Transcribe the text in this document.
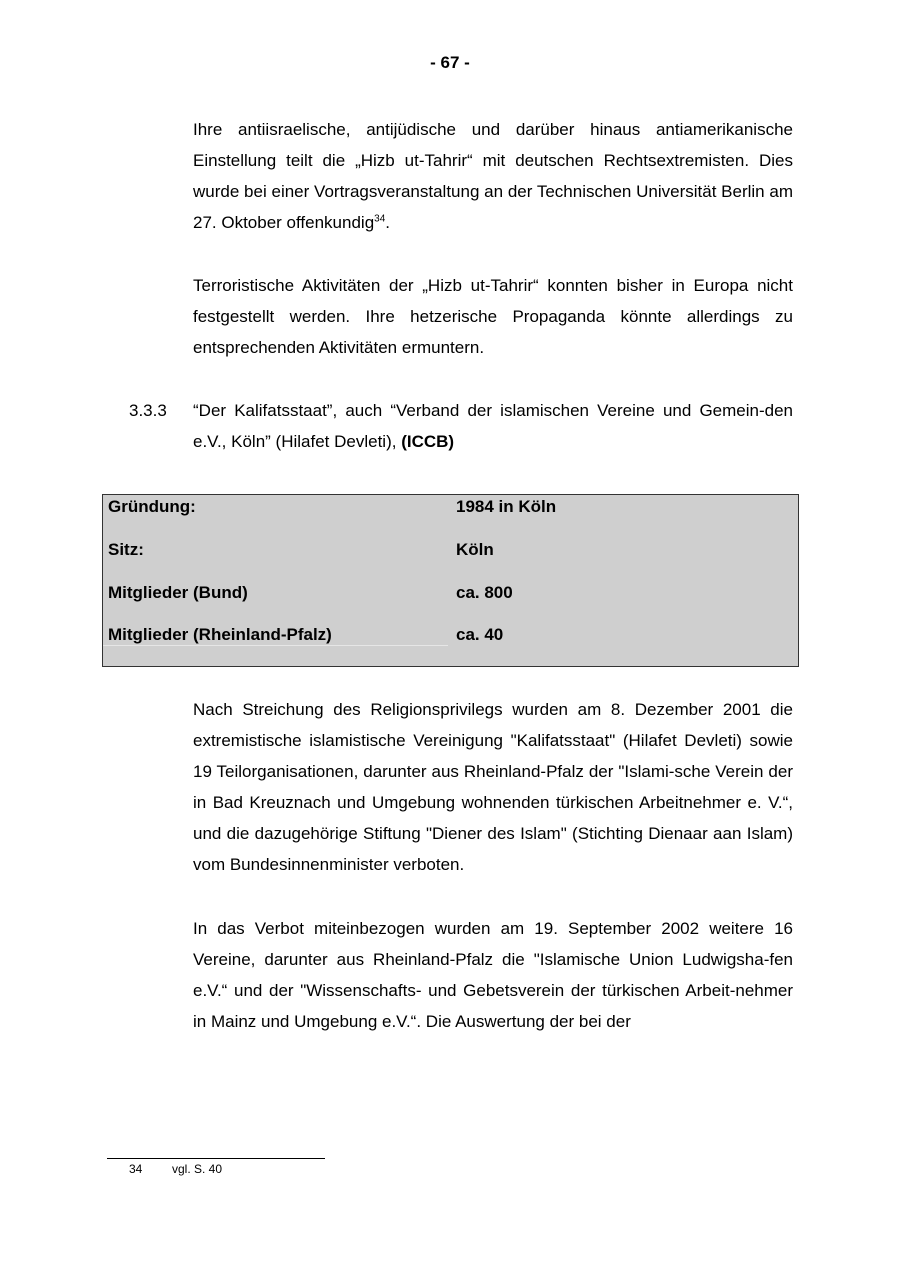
- 67 -

Ihre antiisraelische, antijüdische und darüber hinaus antiamerikanische Einstellung teilt die „Hizb ut-Tahrir“ mit deutschen Rechtsextremisten. Dies wurde bei einer Vortragsveranstaltung an der Technischen Universität Berlin am 27. Oktober offenkundig$^{34}$.

Terroristische Aktivitäten der „Hizb ut-Tahrir“ konnten bisher in Europa nicht festgestellt werden. Ihre hetzerische Propaganda könnte allerdings zu entsprechenden Aktivitäten ermuntern.

3.3.3 “Der Kalifatsstaat”, auch “Verband der islamischen Vereine und Gemein-den e.V., Köln” (Hilafet Devleti), (ICCB)
Gründung:	1984 in Köln
Sitz:	Köln
Mitglieder (Bund)	ca. 800
Mitglieder (Rheinland-Pfalz)	ca. 40

Nach Streichung des Religionsprivilegs wurden am 8. Dezember 2001 die extremistische islamistische Vereinigung "Kalifatsstaat" (Hilafet Devleti) sowie 19 Teilorganisationen, darunter aus Rheinland-Pfalz der "Islami-sche Verein der in Bad Kreuznach und Umgebung wohnenden türkischen Arbeitnehmer e. V.“, und die dazugehörige Stiftung "Diener des Islam" (Stichting Dienaar aan Islam) vom Bundesinnenminister verboten.

In das Verbot miteinbezogen wurden am 19. September 2002 weitere 16 Vereine, darunter aus Rheinland-Pfalz die "Islamische Union Ludwigsha-fen e.V.“ und der "Wissenschafts- und Gebetsverein der türkischen Arbeit-nehmer in Mainz und Umgebung e.V.“. Die Auswertung der bei der

34 vgl. S. 40
